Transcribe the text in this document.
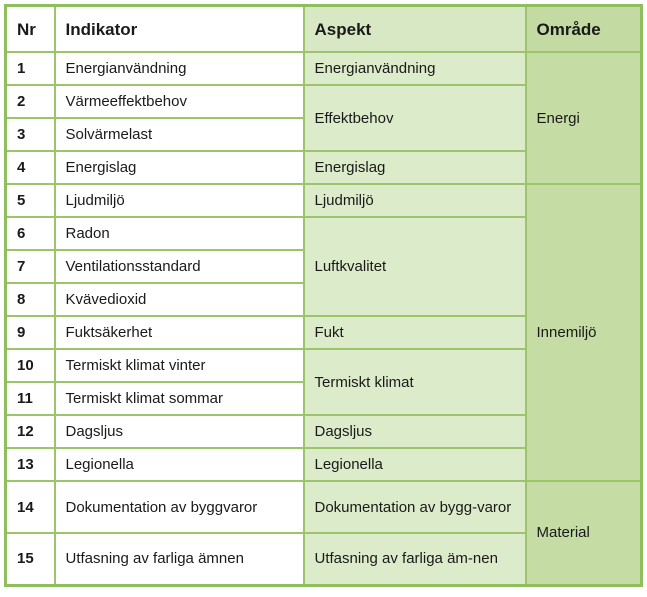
Nr	Indikator	Aspekt	Område
1	Energianvändning	Energianvändning	Energi
2	Värmeeffektbehov	Effektbehov	
3	Solvärmelast		
4	Energislag	Energislag	
5	Ljudmiljö	Ljudmiljö	Innemiljö
6	Radon	Luftkvalitet	
7	Ventilationsstandard		
8	Kvävedioxid		
9	Fuktsäkerhet	Fukt	
10	Termiskt klimat vinter	Termiskt klimat	
11	Termiskt klimat sommar		
12	Dagsljus	Dagsljus	
13	Legionella	Legionella	
14	Dokumentation av byggvaror	Dokumentation av bygg-varor	Material
15	Utfasning av farliga ämnen	Utfasning av farliga äm-nen	
